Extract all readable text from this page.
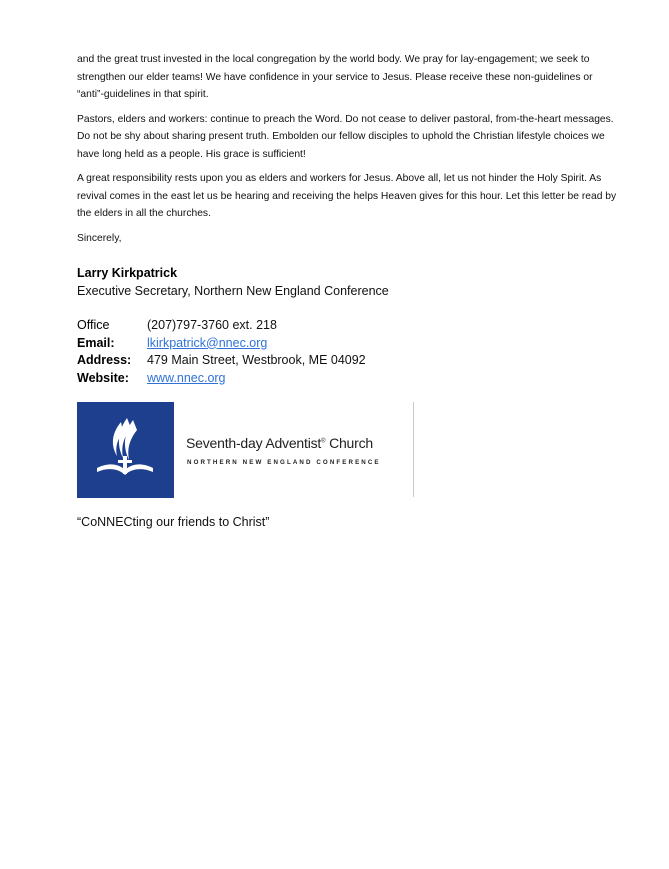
and the great trust invested in the local congregation by the world body. We pray for lay-engagement; we seek to strengthen our elder teams! We have confidence in your service to Jesus. Please receive these non-guidelines or “anti”-guidelines in that spirit.

Pastors, elders and workers: continue to preach the Word. Do not cease to deliver pastoral, from-the-heart messages. Do not be shy about sharing present truth. Embolden our fellow disciples to uphold the Christian lifestyle choices we have long held as a people. His grace is sufficient!

A great responsibility rests upon you as elders and workers for Jesus. Above all, let us not hinder the Holy Spirit. As revival comes in the east let us be hearing and receiving the helps Heaven gives for this hour. Let this letter be read by the elders in all the churches.

Sincerely,

Larry Kirkpatrick
Executive Secretary, Northern New England Conference
Office	(207)797-3760 ext. 218
Email:	lkirkpatrick@nnec.org
Address:	479 Main Street, Westbrook, ME 04092
Website:	www.nnec.org
Seventh-day Adventist® Church
NORTHERN NEW ENGLAND CONFERENCE
“CoNNECting our friends to Christ”
